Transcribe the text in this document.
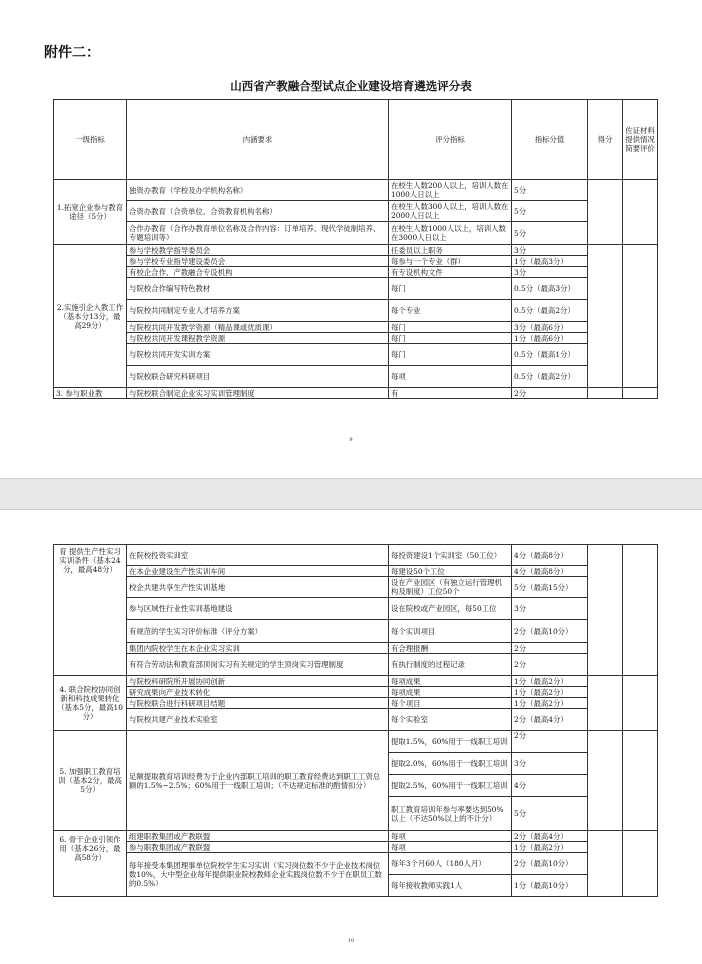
附件二：
山西省产教融合型试点企业建设培育遴选评分表
一级指标	内涵要求	评分指标	指标分值	得分	佐证材料提供情况简要评价
1.拓宽企业参与教育途径（5分）	独资办教育（学校及办学机构名称）	在校生人数200人以上，培训人数在1000人日以上	5分		
	合资办教育（合资单位、合资教育机构名称）	在校生人数300人以上，培训人数在2000人日以上	5分		
	合作办教育（合作办教育单位名称及合作内容：订单培养、现代学徒制培养、专题培训等）	在校生人数1000人以上，培训人数在3000人日以上	5分		
2.实施引企入教工作（基本分13分，最高29分）	参与学校教学指导委员会	任委员以上职务	3分		
	参与学校专业指导建设委员会	每参与一个专业（群）	1分（最高3分）		
	有校企合作、产教融合专设机构	有专设机构文件	3分		
	与院校合作编写特色教材	每门	0.5分（最高3分）		
	与院校共同制定专业人才培养方案	每个专业	0.5分（最高2分）		
	与院校共同开发教学资源（精品课或优质课）	每门	3分（最高6分）		
	与院校共同开发课程教学资源	每门	1分（最高6分）		
	与院校共同开发实训方案	每门	0.5分（最高1分）		
	与院校联合研究科研项目	每项	0.5分（最高2分）		
3. 参与职业教	与院校联合制定企业实习实训管理制度	有	2分		
9
育 提供生产性实习实训条件（基本24分，最高48分）	在院校投资实训室	每投资建设1个实训室（50工位）	4分（最高8分）		
	在本企业建设生产性实训车间	每建设50个工位	4分（最高8分）		
	校企共建共享生产性实训基地	设在产业园区（有独立运行管理机构及制度）工位50个	5分（最高15分）		
	参与区域性行业性实训基地建设	设在院校或产业园区，每50工位	3分		
	有规范的学生实习评价标准（评分方案）	每个实训项目	2分（最高10分）		
	集团内院校学生在本企业实习实训	有合理报酬	2分		
	有符合劳动法和教育部顶岗实习有关规定的学生顶岗实习管理制度	有执行制度的过程记录	2分		
4. 联合院校协同创新和科技成果转化（基本5分，最高10分）	与院校科研院所开展协同创新	每项成果	1分（最高2分）		
	研究成果向产业技术转化	每项成果	1分（最高2分）		
	与院校联合进行科研项目结题	每个项目	1分（最高2分）		
	与院校共建产业技术实验室	每个实验室	2分（最高4分）		
5. 加强职工教育培训（基本2分，最高5分）	足额提取教育培训经费为于企业内部职工培训的职工教育经费达到职工工资总额的1.5%~2.5%；60%用于一线职工培训；（不达规定标准的酌情扣分）	提取1.5%，60%用于一线职工培训	2分		
		提取2.0%，60%用于一线职工培训	3分		
		提取2.5%，60%用于一线职工培训	4分		
		职工教育培训年参与率要达到50%以上（不达50%以上的不计分）	5分		
6. 骨干企业引领作用（基本26分，最高58分）	组建职教集团或产教联盟	每项	2分（最高4分）		
	参与职教集团或产教联盟	每项	1分（最高2分）		
	每年接受本集团理事单位院校学生实习实训（实习岗位数不少于企业技术岗位数10%，大中型企业每年提供职业院校教师企业实践岗位数不少于在职员工数的0.5%）	每年3个月60人（180人月）	2分（最高10分）		
		每年接收教师实践1人	1分（最高10分）		
10
